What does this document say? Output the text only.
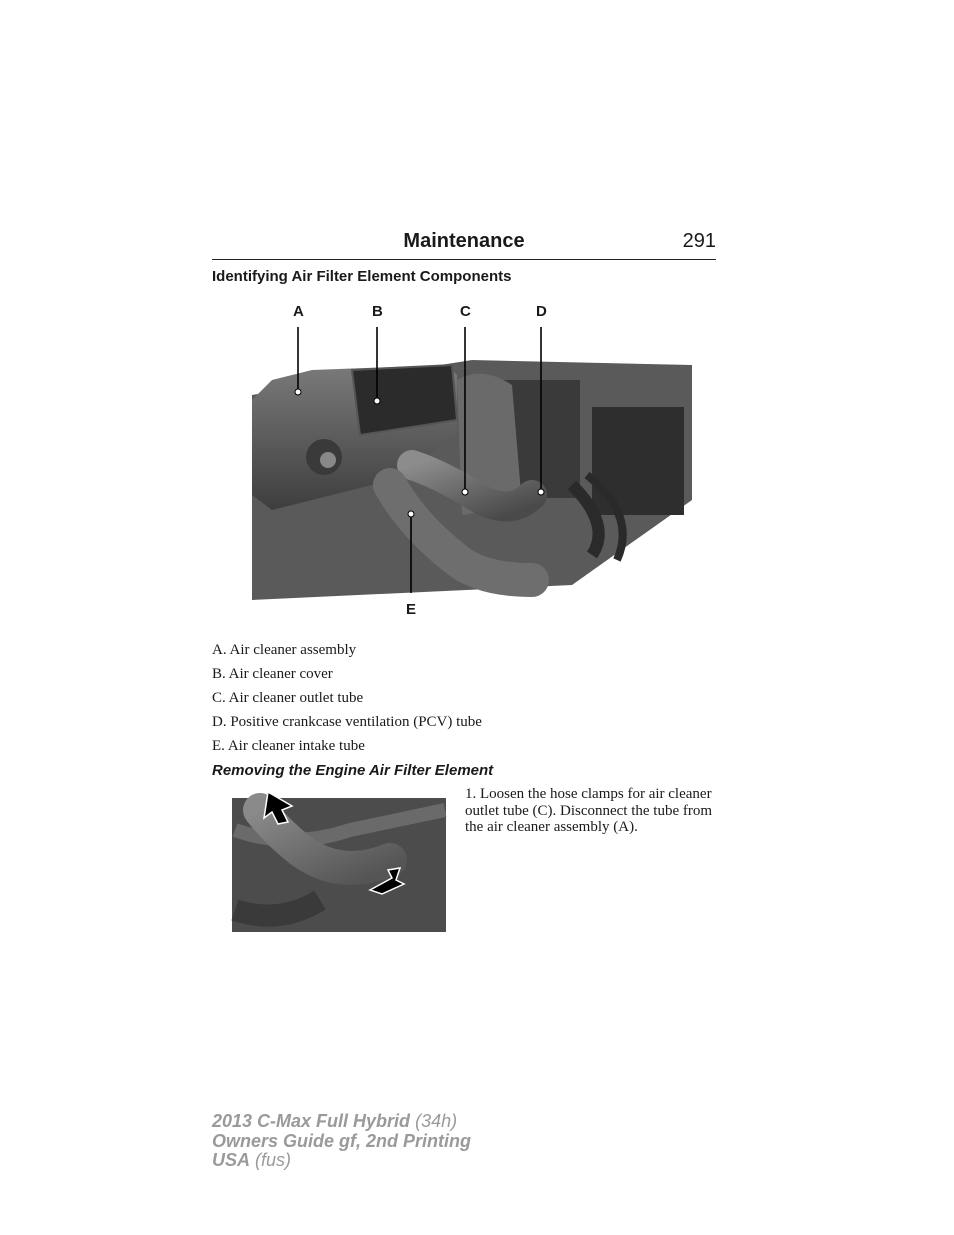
Maintenance	291
Identifying Air Filter Element Components
A	B	C	D
E
A. Air cleaner assembly
B. Air cleaner cover
C. Air cleaner outlet tube
D. Positive crankcase ventilation (PCV) tube
E. Air cleaner intake tube
Removing the Engine Air Filter Element
1. Loosen the hose clamps for air cleaner outlet tube (C). Disconnect the tube from the air cleaner assembly (A).
2013 C-Max Full Hybrid (34h)
Owners Guide gf, 2nd Printing
USA (fus)
